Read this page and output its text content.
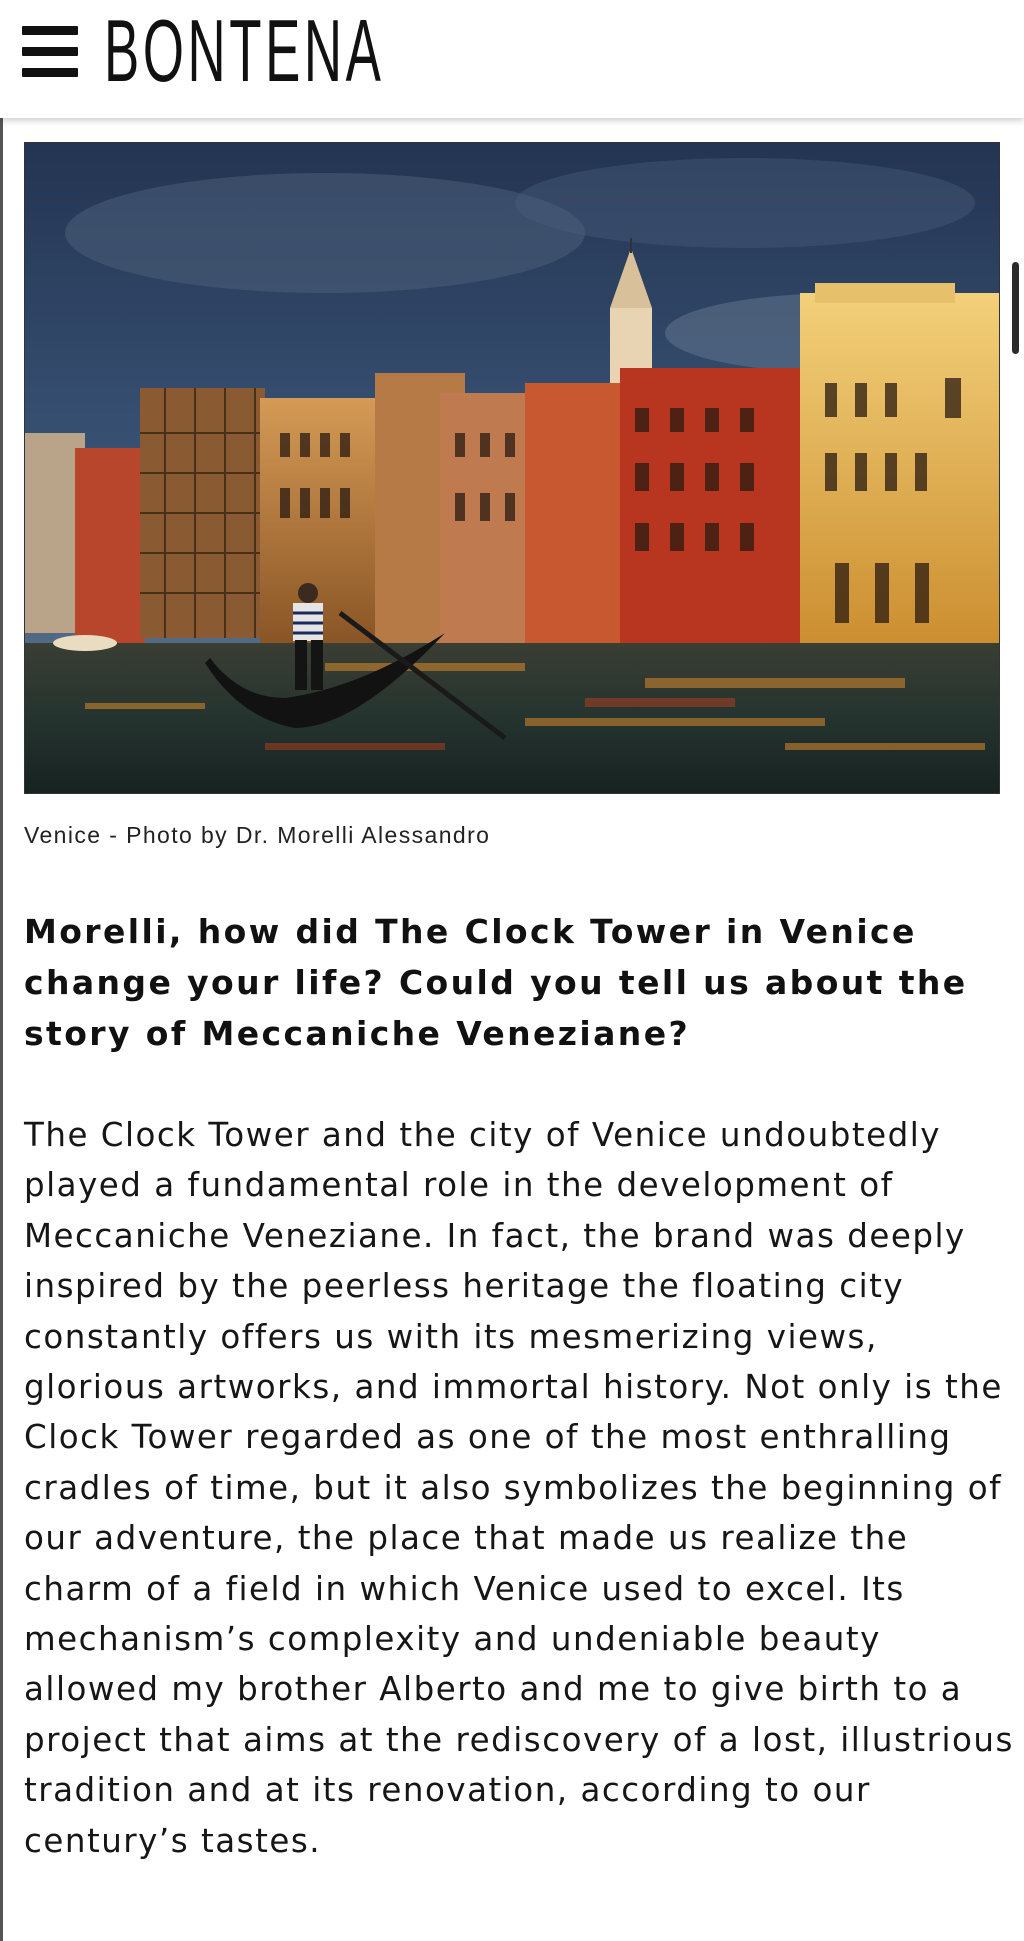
BONTENA
Venice - Photo by Dr. Morelli Alessandro
Morelli, how did The Clock Tower in Venice change your life? Could you tell us about the story of Meccaniche Veneziane?

The Clock Tower and the city of Venice undoubtedly played a fundamental role in the development of Meccaniche Veneziane. In fact, the brand was deeply inspired by the peerless heritage the floating city constantly offers us with its mesmerizing views, glorious artworks, and immortal history. Not only is the Clock Tower regarded as one of the most enthralling cradles of time, but it also symbolizes the beginning of our adventure, the place that made us realize the charm of a field in which Venice used to excel. Its mechanism’s complexity and undeniable beauty allowed my brother Alberto and me to give birth to a project that aims at the rediscovery of a lost, illustrious tradition and at its renovation, according to our century’s tastes.
